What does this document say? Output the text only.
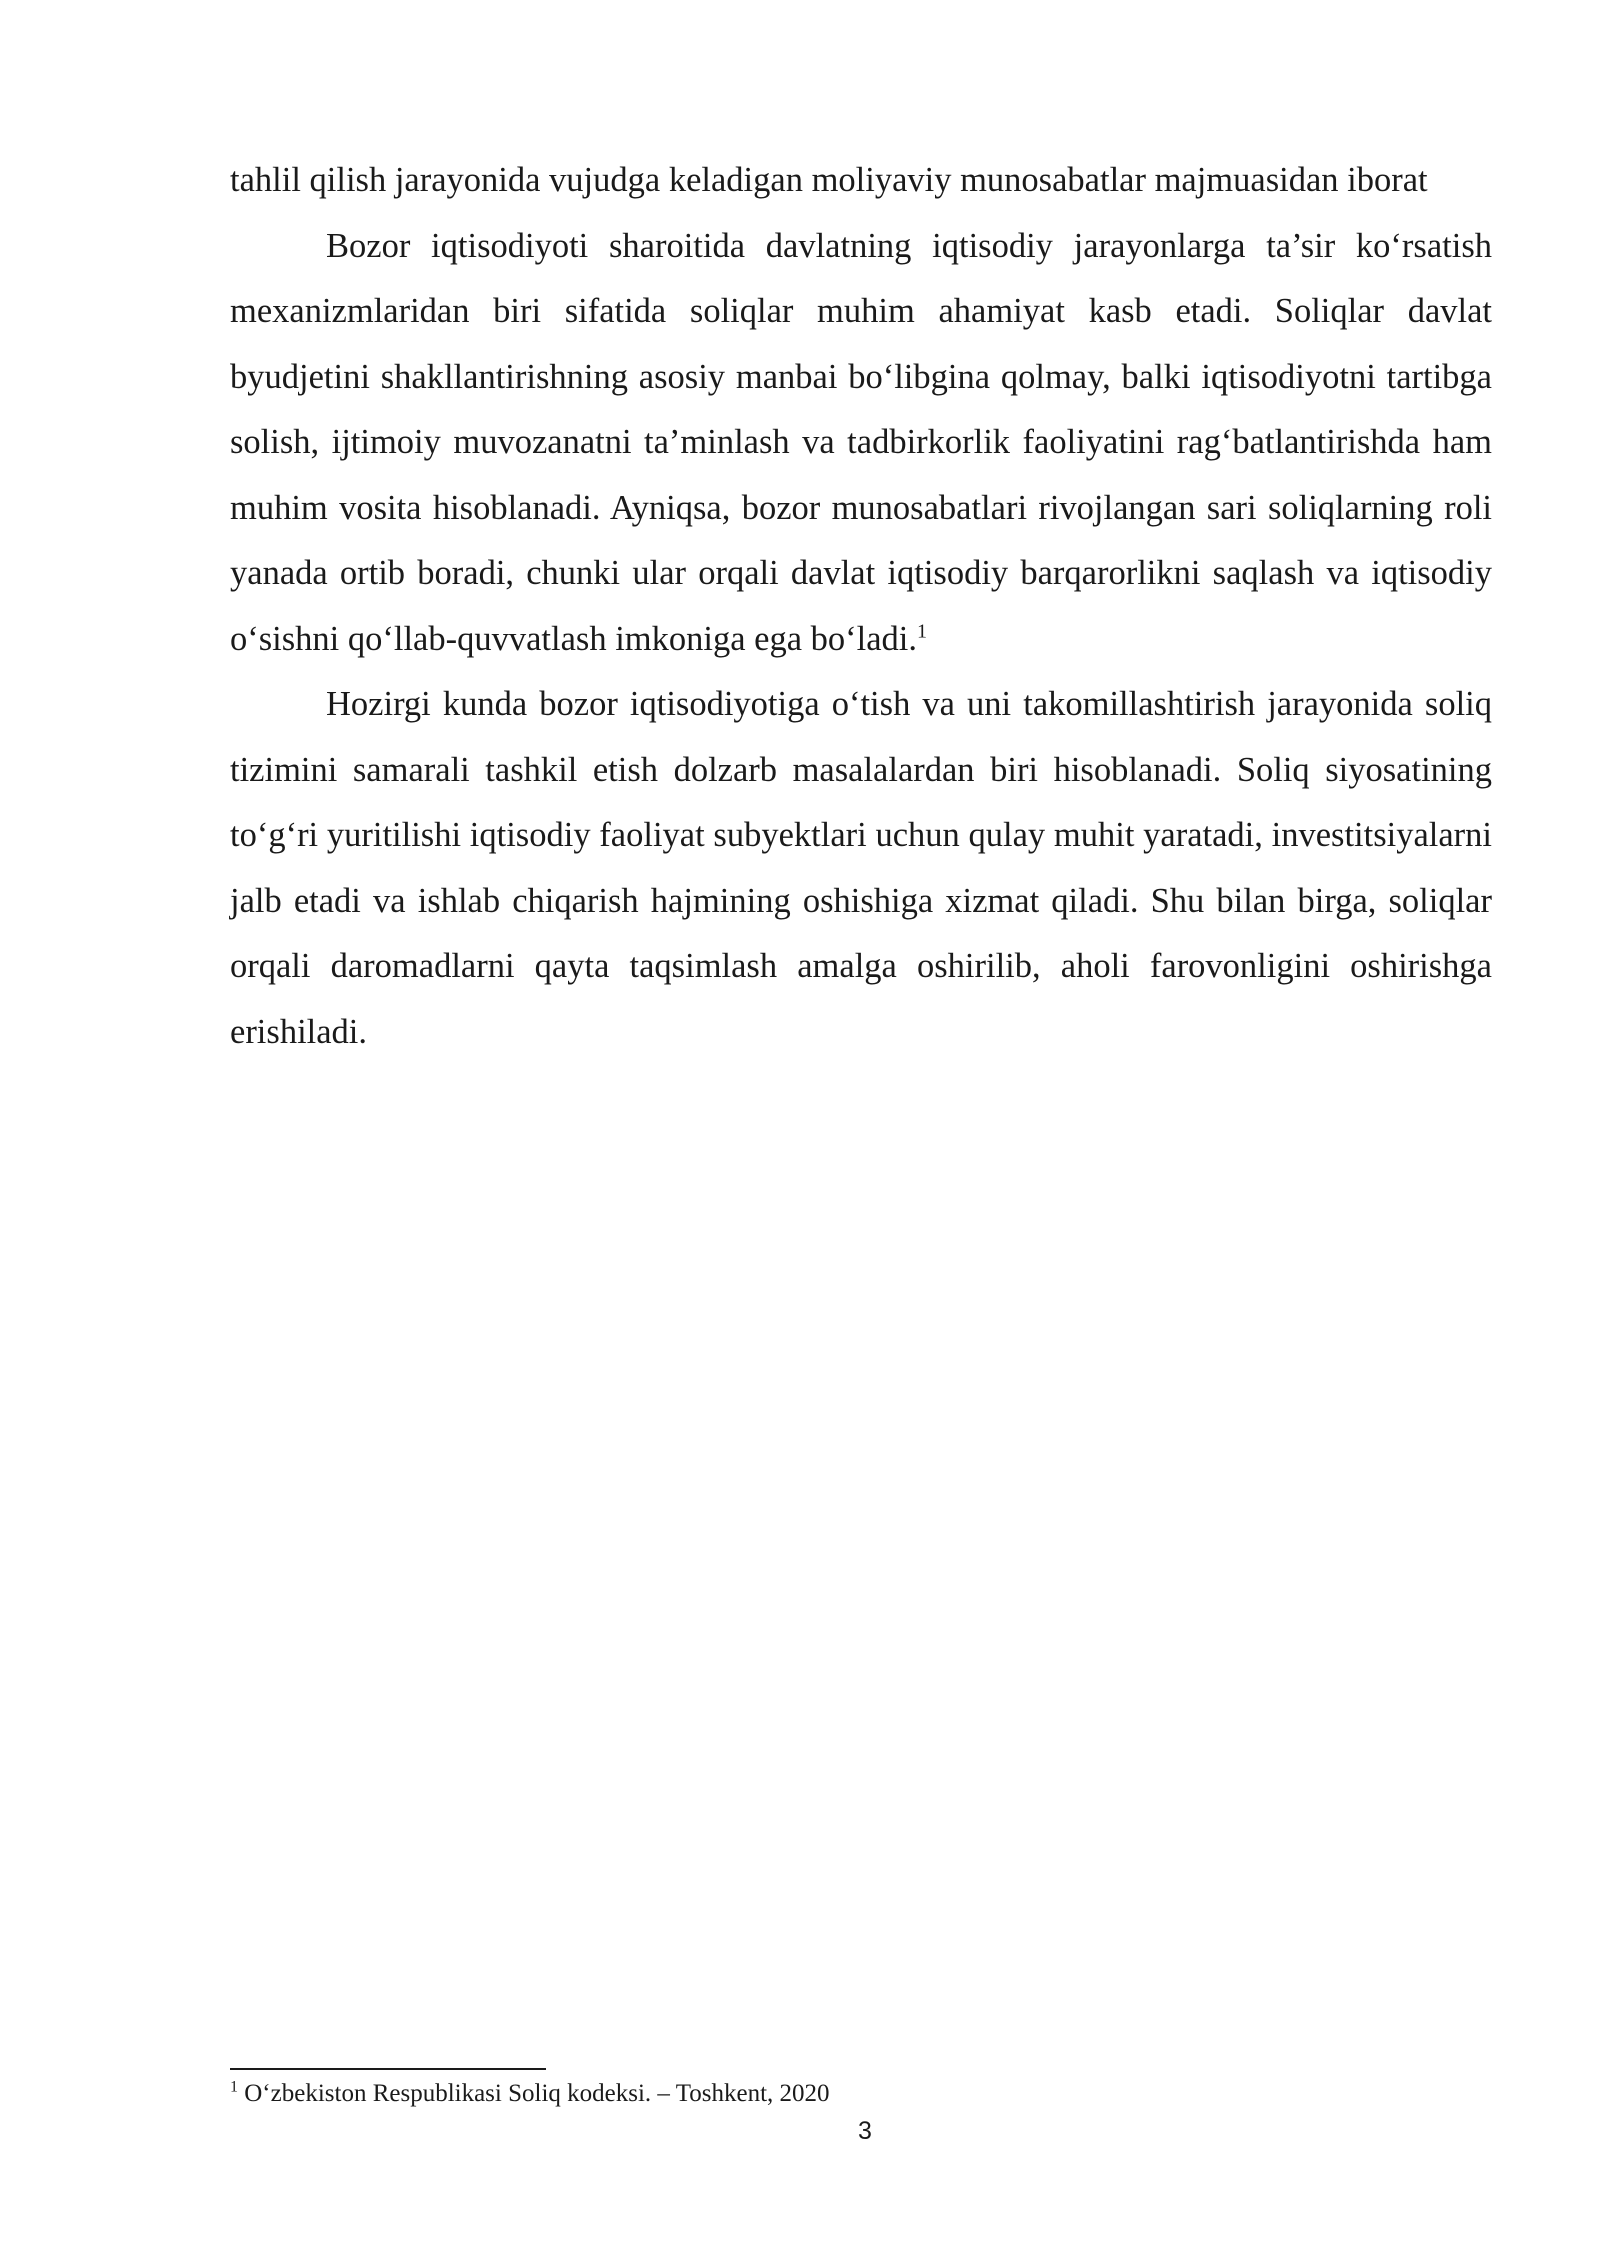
tahlil qilish jarayonida vujudga keladigan moliyaviy munosabatlar majmuasidan iborat

Bozor iqtisodiyoti sharoitida davlatning iqtisodiy jarayonlarga ta’sir ko‘rsatish mexanizmlaridan biri sifatida soliqlar muhim ahamiyat kasb etadi. Soliqlar davlat byudjetini shakllantirishning asosiy manbai bo‘libgina qolmay, balki iqtisodiyotni tartibga solish, ijtimoiy muvozanatni ta’minlash va tadbirkorlik faoliyatini rag‘batlantirishda ham muhim vosita hisoblanadi. Ayniqsa, bozor munosabatlari rivojlangan sari soliqlarning roli yanada ortib boradi, chunki ular orqali davlat iqtisodiy barqarorlikni saqlash va iqtisodiy o‘sishni qo‘llab-quvvatlash imkoniga ega bo‘ladi.$^1$

Hozirgi kunda bozor iqtisodiyotiga o‘tish va uni takomillashtirish jarayonida soliq tizimini samarali tashkil etish dolzarb masalalardan biri hisoblanadi. Soliq siyosatining to‘g‘ri yuritilishi iqtisodiy faoliyat subyektlari uchun qulay muhit yaratadi, investitsiyalarni jalb etadi va ishlab chiqarish hajmining oshishiga xizmat qiladi. Shu bilan birga, soliqlar orqali daromadlarni qayta taqsimlash amalga oshirilib, aholi farovonligini oshirishga erishiladi.

$^1$ O‘zbekiston Respublikasi Soliq kodeksi. – Toshkent, 2020
3
